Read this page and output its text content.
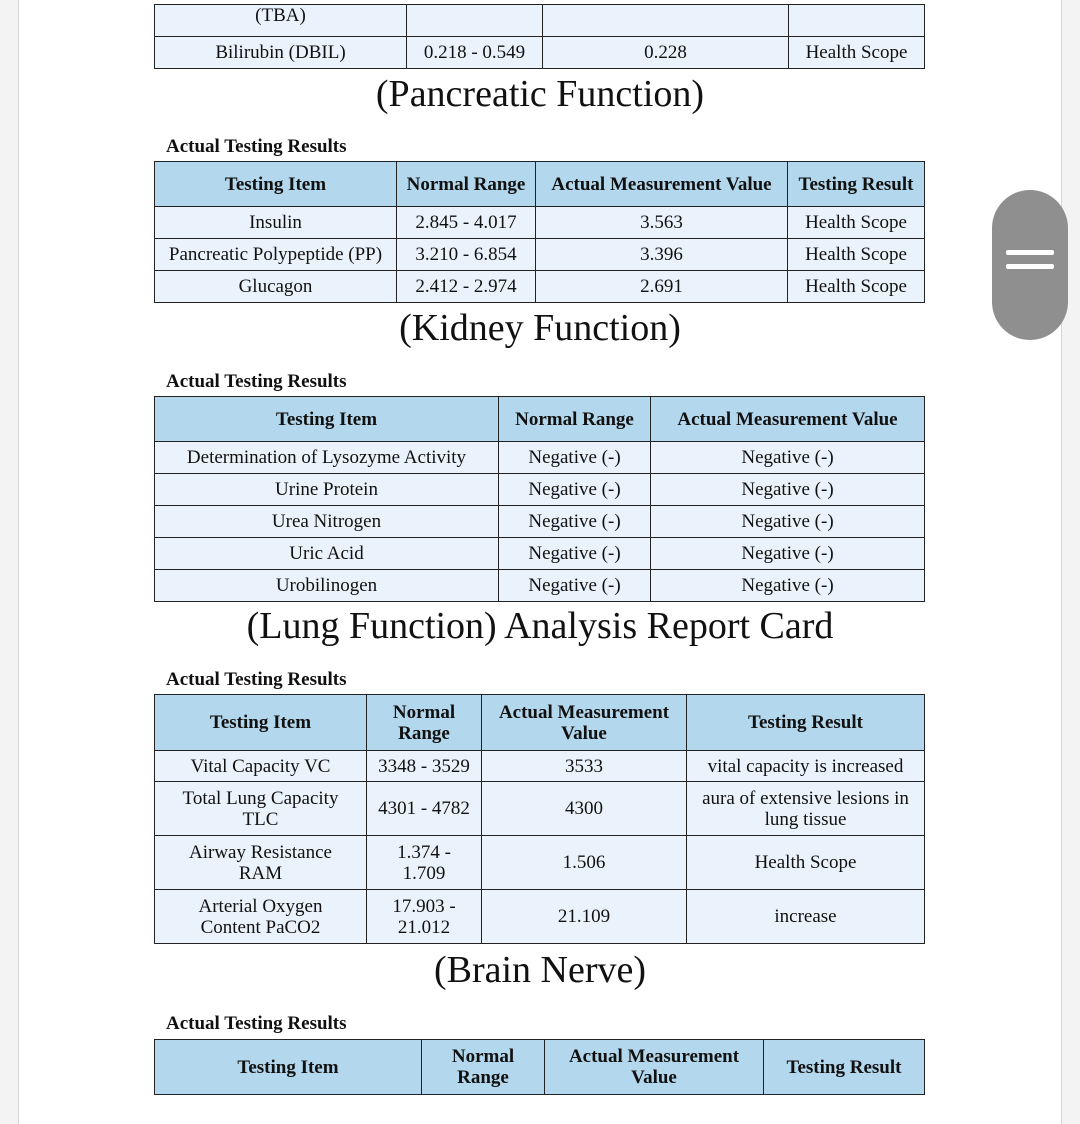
(TBA)			
Bilirubin (DBIL)	0.218 - 0.549	0.228	Health Scope
(Pancreatic Function)
Actual Testing Results
Testing Item	Normal Range	Actual Measurement Value	Testing Result
Insulin	2.845 - 4.017	3.563	Health Scope
Pancreatic Polypeptide (PP)	3.210 - 6.854	3.396	Health Scope
Glucagon	2.412 - 2.974	2.691	Health Scope
(Kidney Function)
Actual Testing Results
Testing Item	Normal Range	Actual Measurement Value
Determination of Lysozyme Activity	Negative (-)	Negative (-)
Urine Protein	Negative (-)	Negative (-)
Urea Nitrogen	Negative (-)	Negative (-)
Uric Acid	Negative (-)	Negative (-)
Urobilinogen	Negative (-)	Negative (-)
(Lung Function) Analysis Report Card
Actual Testing Results
Testing Item	Normal Range	Actual Measurement Value	Testing Result
Vital Capacity VC	3348 - 3529	3533	vital capacity is increased
Total Lung Capacity TLC	4301 - 4782	4300	aura of extensive lesions in lung tissue
Airway Resistance RAM	1.374 - 1.709	1.506	Health Scope
Arterial Oxygen Content PaCO2	17.903 - 21.012	21.109	increase
(Brain Nerve)
Actual Testing Results
Testing Item	Normal Range	Actual Measurement Value	Testing Result
